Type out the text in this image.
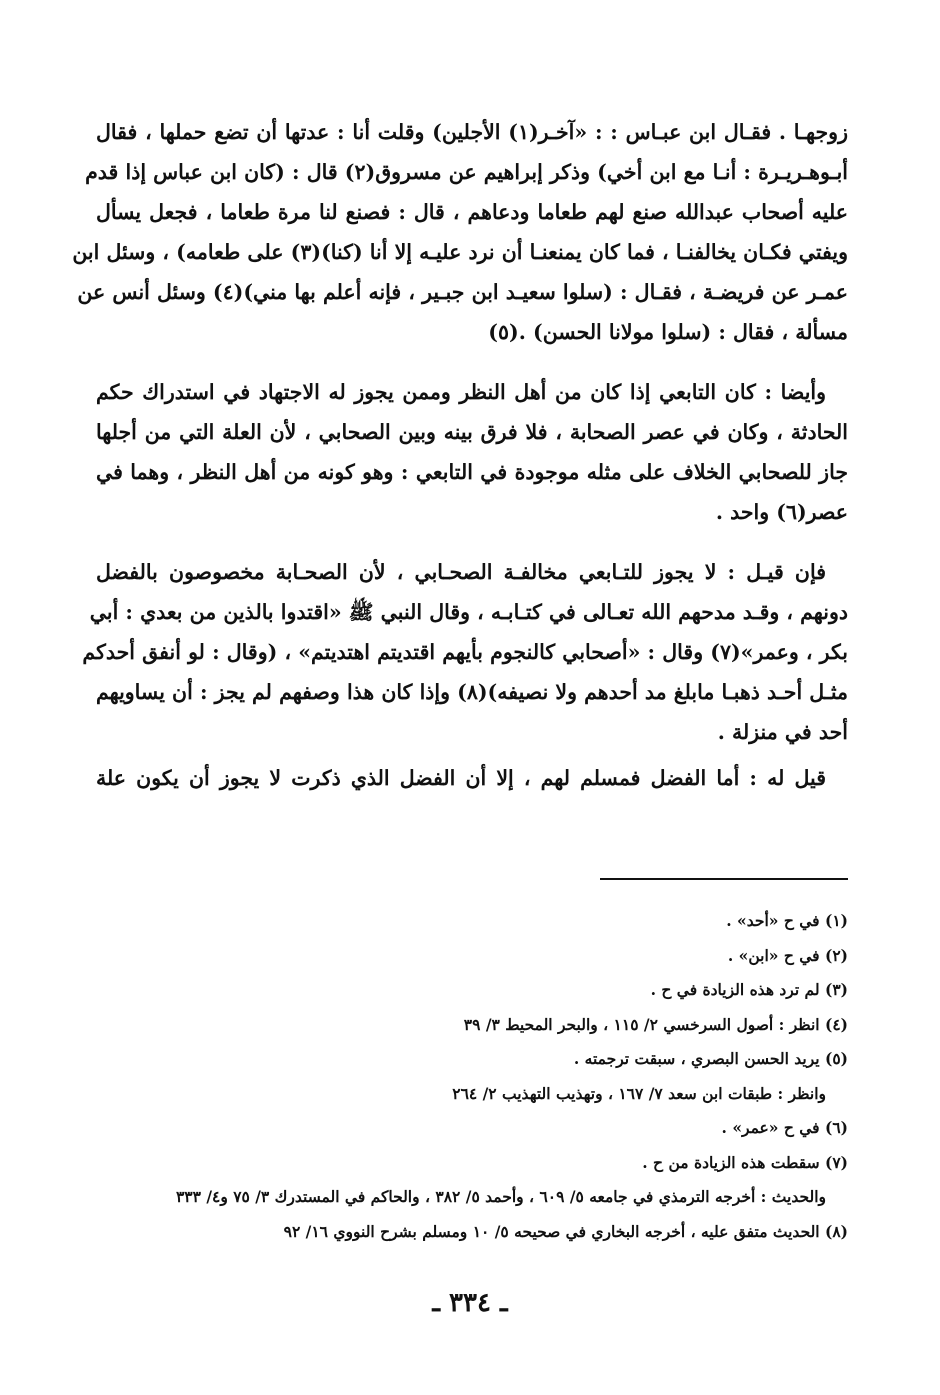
زوجهـا . فقـال ابن عبـاس : : «آخـر(١) الأجلين) وقلت أنا : عدتها أن تضع حملها ، فقال
أبـوهـريـرة : أنـا مع ابن أخي) وذكر إبراهيم عن مسروق(٢) قال : (كان ابن عباس إذا قدم
عليه أصحاب عبدالله صنع لهم طعاما ودعاهم ، قال : فصنع لنا مرة طعاما ، فجعل يسأل
ويفتي فكـان يخالفنـا ، فما كان يمنعنـا أن نرد عليـه إلا أنا (كنا)(٣) على طعامه) ، وسئل ابن
عمـر عن فريضـة ، فقـال : (سلوا سعيـد ابن جبـير ، فإنه أعلم بها مني)(٤) وسئل أنس عن
مسألة ، فقال : (سلوا مولانا الحسن) .(٥)

وأيضا : كان التابعي إذا كان من أهل النظر وممن يجوز له الاجتهاد في استدراك حكم
الحادثة ، وكان في عصر الصحابة ، فلا فرق بينه وبين الصحابي ، لأن العلة التي من أجلها
جاز للصحابي الخلاف على مثله موجودة في التابعي : وهو كونه من أهل النظر ، وهما في
عصر(٦) واحد .

فإن قيـل : لا يجوز للتـابعي مخالفـة الصحـابي ، لأن الصحـابة مخصوصون بالفضل
دونهم ، وقـد مدحهم الله تعـالى في كتـابـه ، وقال النبي ﷺ «اقتدوا بالذين من بعدي : أبي
بكر ، وعمر»(٧) وقال : «أصحابي كالنجوم بأيهم اقتديتم اهتديتم» ، (وقال : لو أنفق أحدكم
مثـل أحـد ذهبـا مابلغ مد أحدهم ولا نصيفه)(٨) وإذا كان هذا وصفهم لم يجز : أن يساويهم
أحد في منزلة .

قيل له : أما الفضل فمسلم لهم ، إلا أن الفضل الذي ذكرت لا يجوز أن يكون علة

(١) في ح «أحد» .
(٢) في ح «ابن» .
(٣) لم ترد هذه الزيادة في ح .
(٤) انظر : أصول السرخسي ٢/ ١١٥ ، والبحر المحيط ٣/ ٣٩
(٥) يريد الحسن البصري ، سبقت ترجمته .
وانظر : طبقات ابن سعد ٧/ ١٦٧ ، وتهذيب التهذيب ٢/ ٢٦٤
(٦) في ح «عمر» .
(٧) سقطت هذه الزيادة من ح .
والحديث : أخرجه الترمذي في جامعه ٥/ ٦٠٩ ، وأحمد ٥/ ٣٨٢ ، والحاكم في المستدرك ٣/ ٧٥ و٤/ ٣٣٣
(٨) الحديث متفق عليه ، أخرجه البخاري في صحيحه ٥/ ١٠ ومسلم بشرح النووي ١٦/ ٩٢
ـ ٣٣٤ ـ
